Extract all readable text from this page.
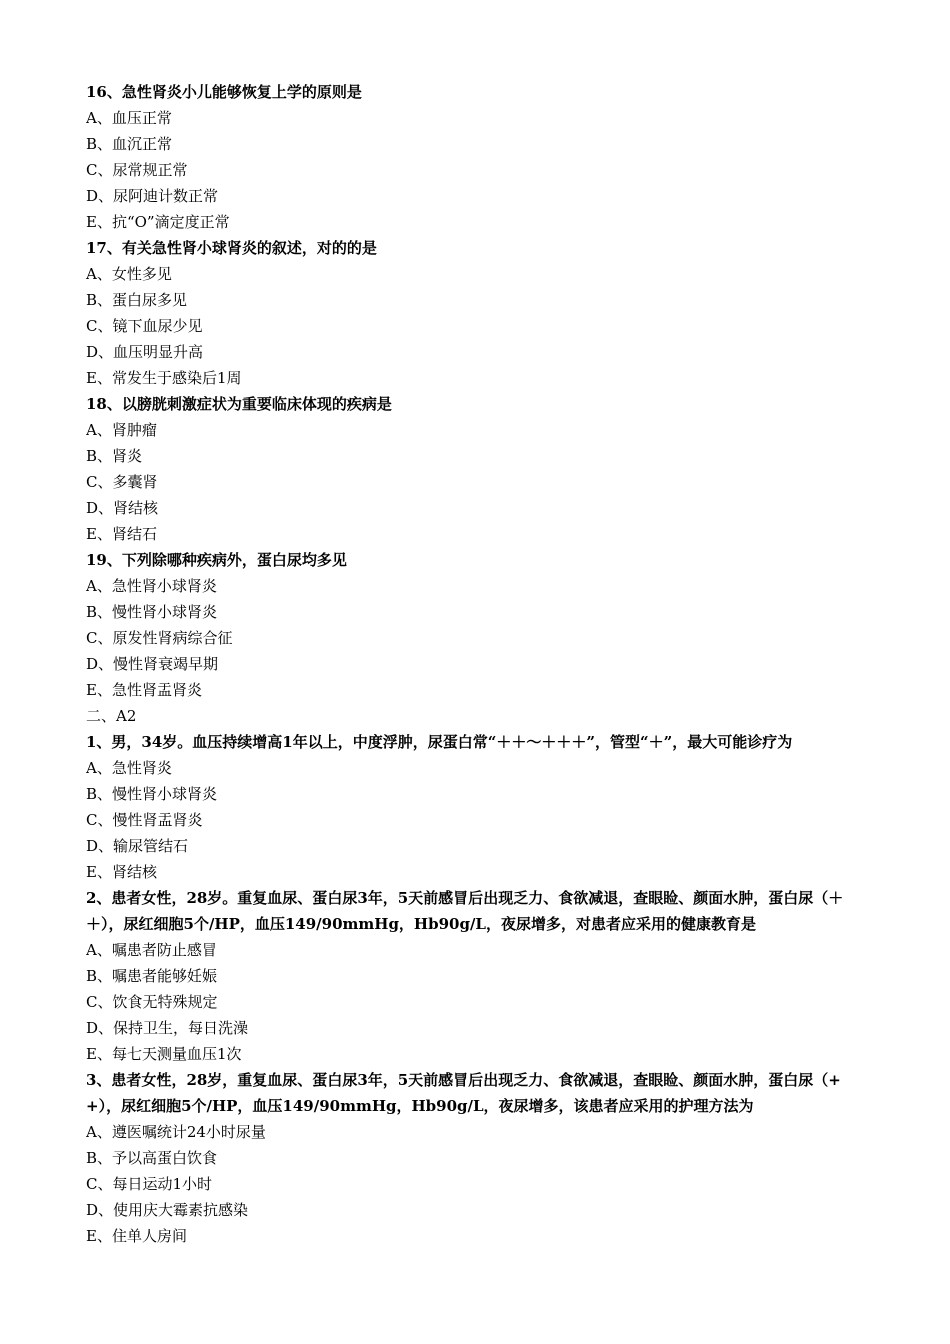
16、急性肾炎小儿能够恢复上学的原则是
A、血压正常
B、血沉正常
C、尿常规正常
D、尿阿迪计数正常
E、抗“O”滴定度正常
17、有关急性肾小球肾炎的叙述，对的的是
A、女性多见
B、蛋白尿多见
C、镜下血尿少见
D、血压明显升高
E、常发生于感染后1周
18、以膀胱刺激症状为重要临床体现的疾病是
A、肾肿瘤
B、肾炎
C、多囊肾
D、肾结核
E、肾结石
19、下列除哪种疾病外，蛋白尿均多见
A、急性肾小球肾炎
B、慢性肾小球肾炎
C、原发性肾病综合征
D、慢性肾衰竭早期
E、急性肾盂肾炎
二、A2
1、男，34岁。血压持续增高1年以上，中度浮肿，尿蛋白常“＋＋～＋＋＋”，管型“＋”，最大可能诊疗为
A、急性肾炎
B、慢性肾小球肾炎
C、慢性肾盂肾炎
D、输尿管结石
E、肾结核
2、患者女性，28岁。重复血尿、蛋白尿3年，5天前感冒后出现乏力、食欲减退，查眼睑、颜面水肿，蛋白尿（＋＋），尿红细胞5个/HP，血压149/90mmHg，Hb90g/L，夜尿增多，对患者应采用的健康教育是
A、嘱患者防止感冒
B、嘱患者能够妊娠
C、饮食无特殊规定
D、保持卫生，每日洗澡
E、每七天测量血压1次
3、患者女性，28岁，重复血尿、蛋白尿3年，5天前感冒后出现乏力、食欲减退，查眼睑、颜面水肿，蛋白尿（++），尿红细胞5个/HP，血压149/90mmHg，Hb90g/L，夜尿增多，该患者应采用的护理方法为
A、遵医嘱统计24小时尿量
B、予以高蛋白饮食
C、每日运动1小时
D、使用庆大霉素抗感染
E、住单人房间
